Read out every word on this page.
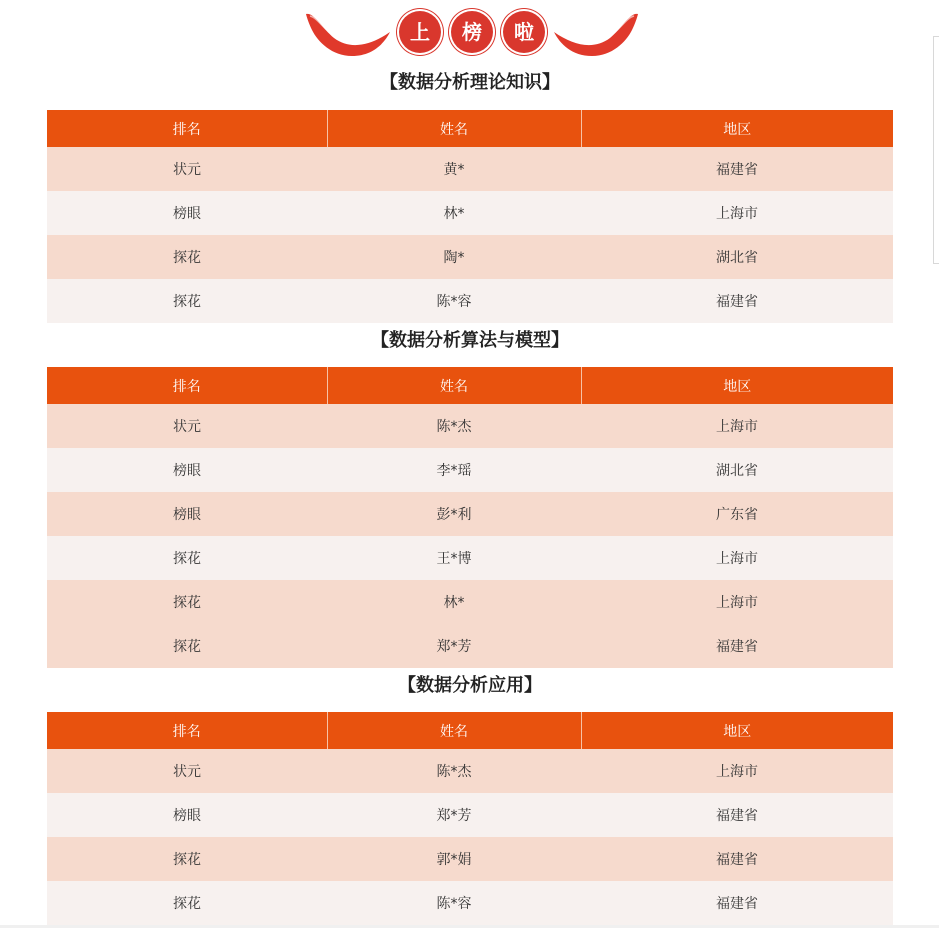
上	榜	啦
【数据分析理论知识】
排名	姓名	地区
状元	黄*	福建省
榜眼	林*	上海市
探花	陶*	湖北省
探花	陈*容	福建省
【数据分析算法与模型】
排名	姓名	地区
状元	陈*杰	上海市
榜眼	李*瑶	湖北省
榜眼	彭*利	广东省
探花	王*博	上海市
探花	林*	上海市
探花	郑*芳	福建省
【数据分析应用】
排名	姓名	地区
状元	陈*杰	上海市
榜眼	郑*芳	福建省
探花	郭*娟	福建省
探花	陈*容	福建省
